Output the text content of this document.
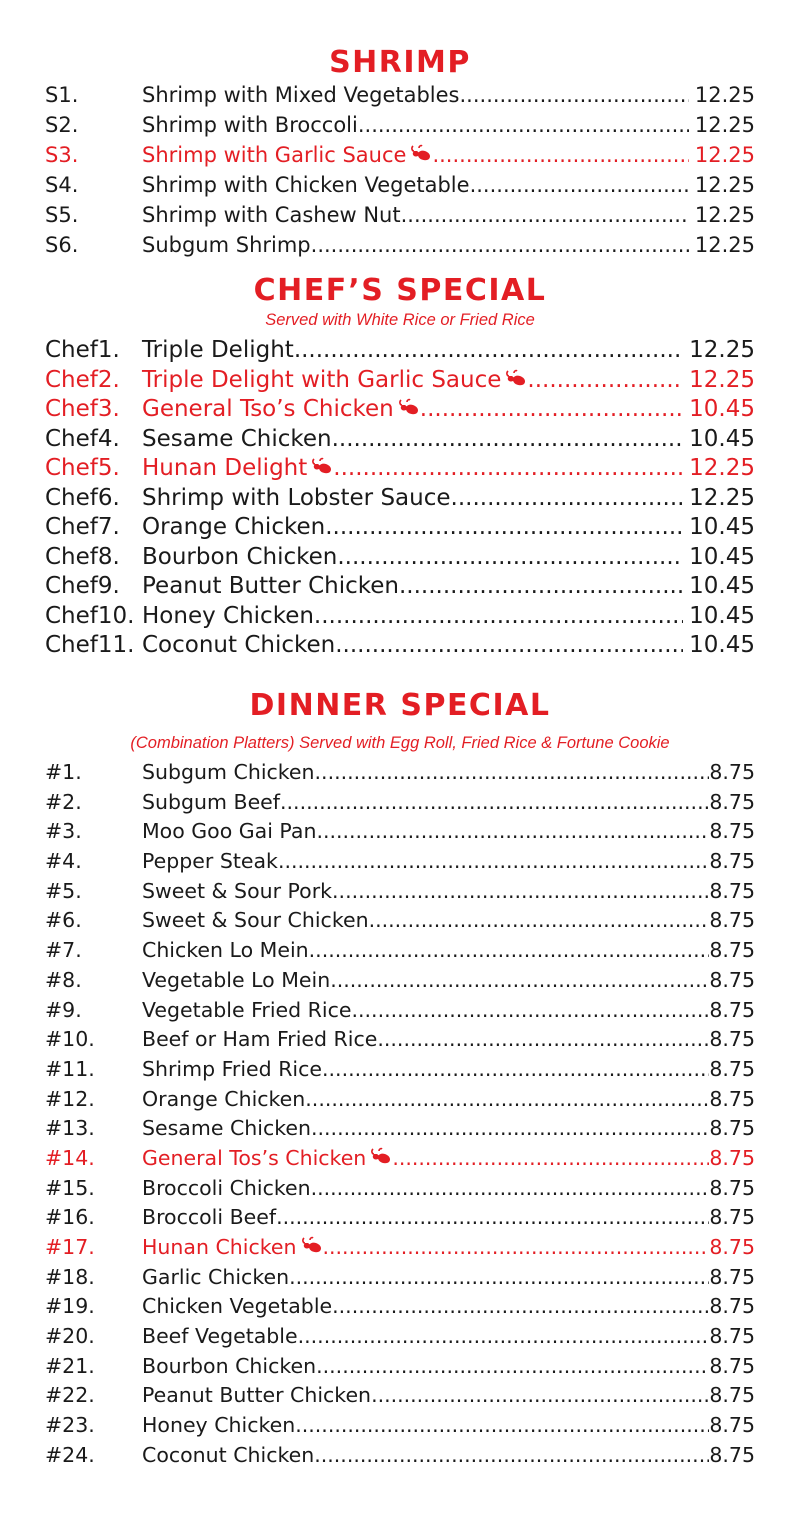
SHRIMP
S1.	Shrimp with Mixed Vegetables .....	12.25
S2.	Shrimp with Broccoli .....	12.25
S3.	Shrimp with Garlic Sauce .....	12.25
S4.	Shrimp with Chicken Vegetable .....	12.25
S5.	Shrimp with Cashew Nut .....	12.25
S6.	Subgum Shrimp .....	12.25
CHEF’S SPECIAL

Served with White Rice or Fried Rice

Chef1. Triple Delight .....	12.25
Chef2. Triple Delight with Garlic Sauce .....	12.25
Chef3. General Tso’s Chicken .....	10.45
Chef4. Sesame Chicken .....	10.45
Chef5. Hunan Delight .....	12.25
Chef6. Shrimp with Lobster Sauce .....	12.25
Chef7. Orange Chicken .....	10.45
Chef8. Bourbon Chicken .....	10.45
Chef9. Peanut Butter Chicken .....	10.45
Chef10. Honey Chicken .....	10.45
Chef11. Coconut Chicken .....	10.45
DINNER SPECIAL

(Combination Platters) Served with Egg Roll, Fried Rice & Fortune Cookie

#1.	Subgum Chicken .....	8.75
#2.	Subgum Beef .....	8.75
#3.	Moo Goo Gai Pan .....	8.75
#4.	Pepper Steak .....	8.75
#5.	Sweet & Sour Pork .....	8.75
#6.	Sweet & Sour Chicken .....	8.75
#7.	Chicken Lo Mein .....	8.75
#8.	Vegetable Lo Mein .....	8.75
#9.	Vegetable Fried Rice .....	8.75
#10.	Beef or Ham Fried Rice .....	8.75
#11.	Shrimp Fried Rice .....	8.75
#12.	Orange Chicken .....	8.75
#13.	Sesame Chicken .....	8.75
#14.	General Tos’s Chicken .....	8.75
#15.	Broccoli Chicken .....	8.75
#16.	Broccoli Beef .....	8.75
#17.	Hunan Chicken .....	8.75
#18.	Garlic Chicken .....	8.75
#19.	Chicken Vegetable .....	8.75
#20.	Beef Vegetable .....	8.75
#21.	Bourbon Chicken .....	8.75
#22.	Peanut Butter Chicken .....	8.75
#23.	Honey Chicken .....	8.75
#24.	Coconut Chicken .....	8.75
